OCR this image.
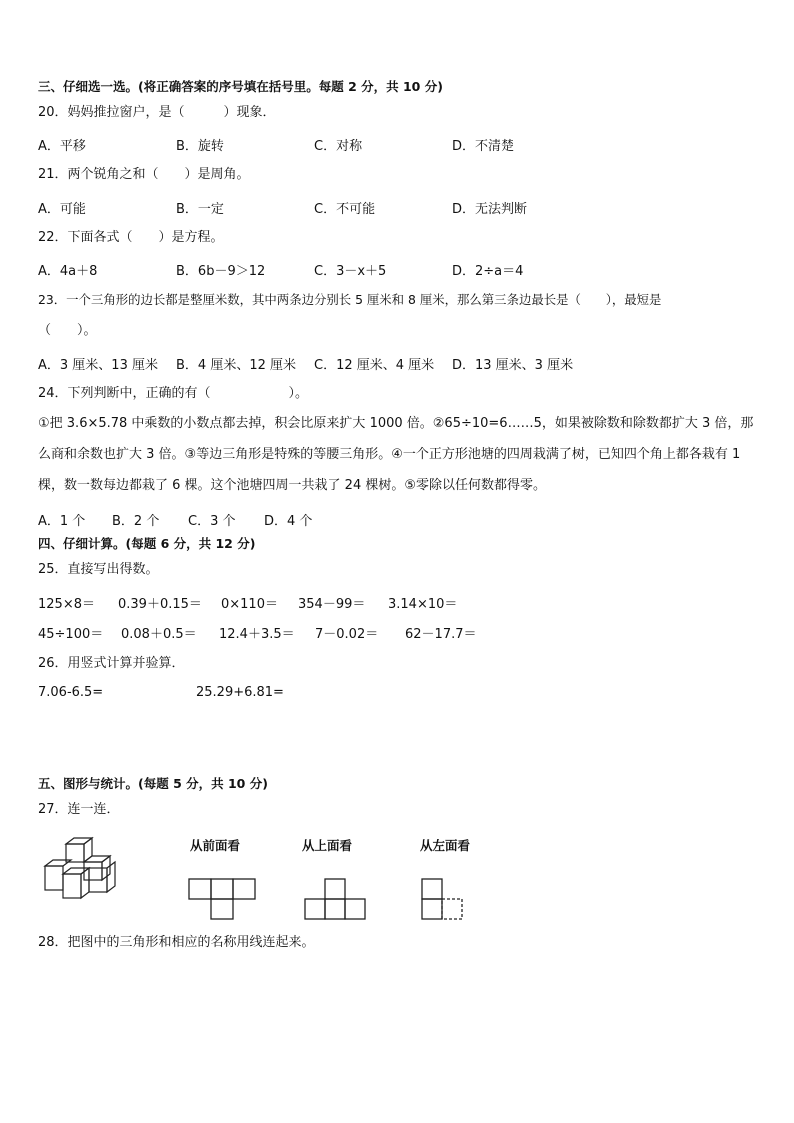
三、仔细选一选。(将正确答案的序号填在括号里。每题 2 分，共 10 分)
20．妈妈推拉窗户，是（　　　）现象．
A．平移	B．旋转	C．对称	D．不清楚
21．两个锐角之和（　　）是周角。
A．可能	B．一定	C．不可能	D．无法判断
22．下面各式（　　）是方程。
A．4a＋8	B．6b－9＞12	C．3－x＋5	D．2÷a＝4
23．一个三角形的边长都是整厘米数，其中两条边分别长 5 厘米和 8 厘米，那么第三条边最长是（　　），最短是
（　　）。
A．3 厘米、13 厘米 B．4 厘米、12 厘米 C．12 厘米、4 厘米 D．13 厘米、3 厘米
24．下列判断中，正确的有（　　　　　　）。
①把 3.6×5.78 中乘数的小数点都去掉，积会比原来扩大 1000 倍。②65÷10=6……5，如果被除数和除数都扩大 3 倍，那么商和余数也扩大 3 倍。③等边三角形是特殊的等腰三角形。④一个正方形池塘的四周栽满了树，已知四个角上都各栽有 1 棵，数一数每边都栽了 6 棵。这个池塘四周一共栽了 24 棵树。⑤零除以任何数都得零。
A．1 个 B．2 个 C．3 个 D．4 个
四、仔细计算。(每题 6 分，共 12 分)
25．直接写出得数。
125×8＝ 0.39＋0.15＝ 0×110＝ 354－99＝ 3.14×10＝
45÷100＝ 0.08＋0.5＝ 12.4＋3.5＝ 7－0.02＝ 62－17.7＝
26．用竖式计算并验算．
7.06-6.5=	25.29+6.81=
五、图形与统计。(每题 5 分，共 10 分)
27．连一连．
从前面看	从上面看	从左面看
28．把图中的三角形和相应的名称用线连起来。
